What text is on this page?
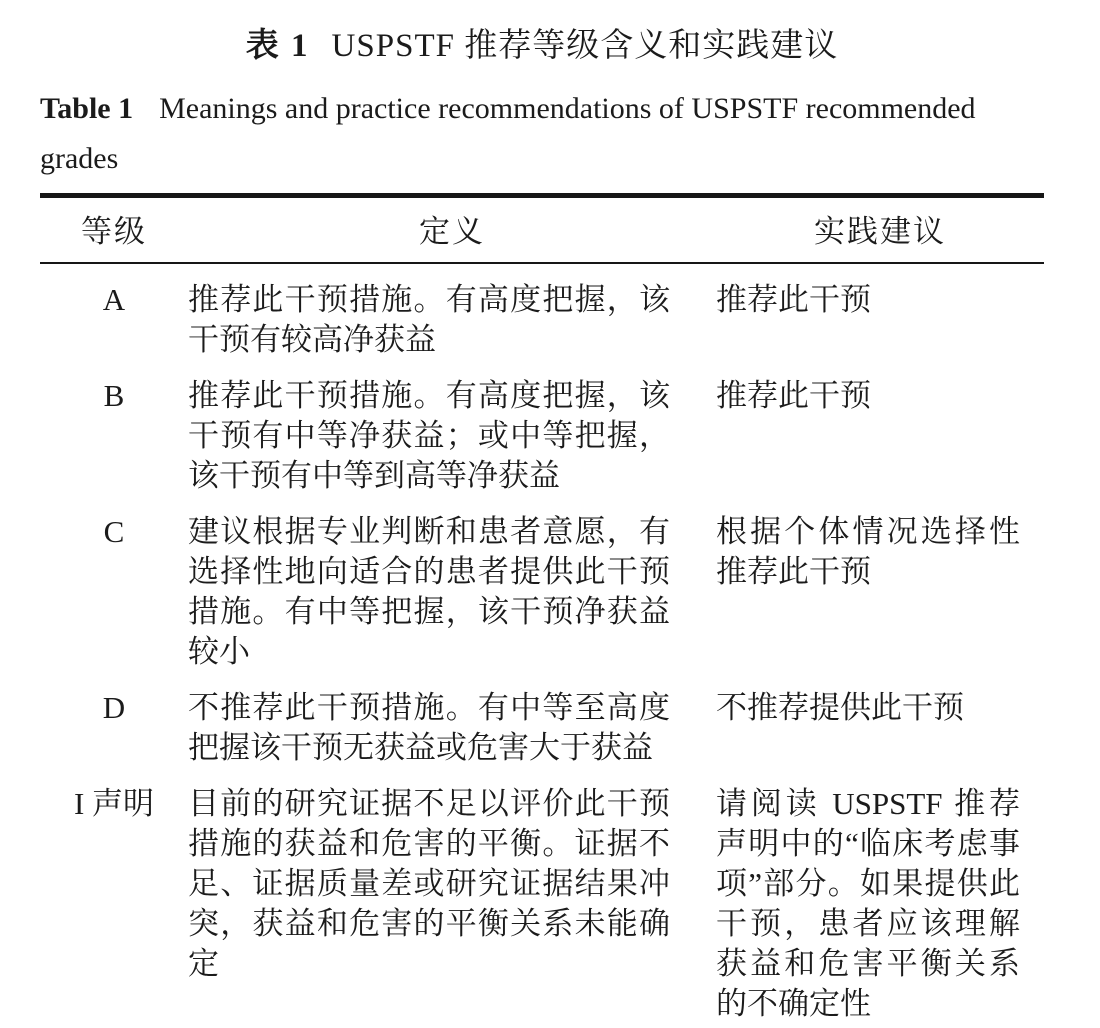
表 1 USPSTF 推荐等级含义和实践建议
Table 1 Meanings and practice recommendations of USPSTF recommended grades
等级	定义	实践建议
A	推荐此干预措施。有高度把握，该干预有较高净获益	推荐此干预
B	推荐此干预措施。有高度把握，该干预有中等净获益；或中等把握，该干预有中等到高等净获益	推荐此干预
C	建议根据专业判断和患者意愿，有选择性地向适合的患者提供此干预措施。有中等把握，该干预净获益较小	根据个体情况选择性推荐此干预
D	不推荐此干预措施。有中等至高度把握该干预无获益或危害大于获益	不推荐提供此干预
I 声明	目前的研究证据不足以评价此干预措施的获益和危害的平衡。证据不足、证据质量差或研究证据结果冲突，获益和危害的平衡关系未能确定	请阅读 USPSTF 推荐声明中的“临床考虑事项”部分。如果提供此干预，患者应该理解获益和危害平衡关系的不确定性
